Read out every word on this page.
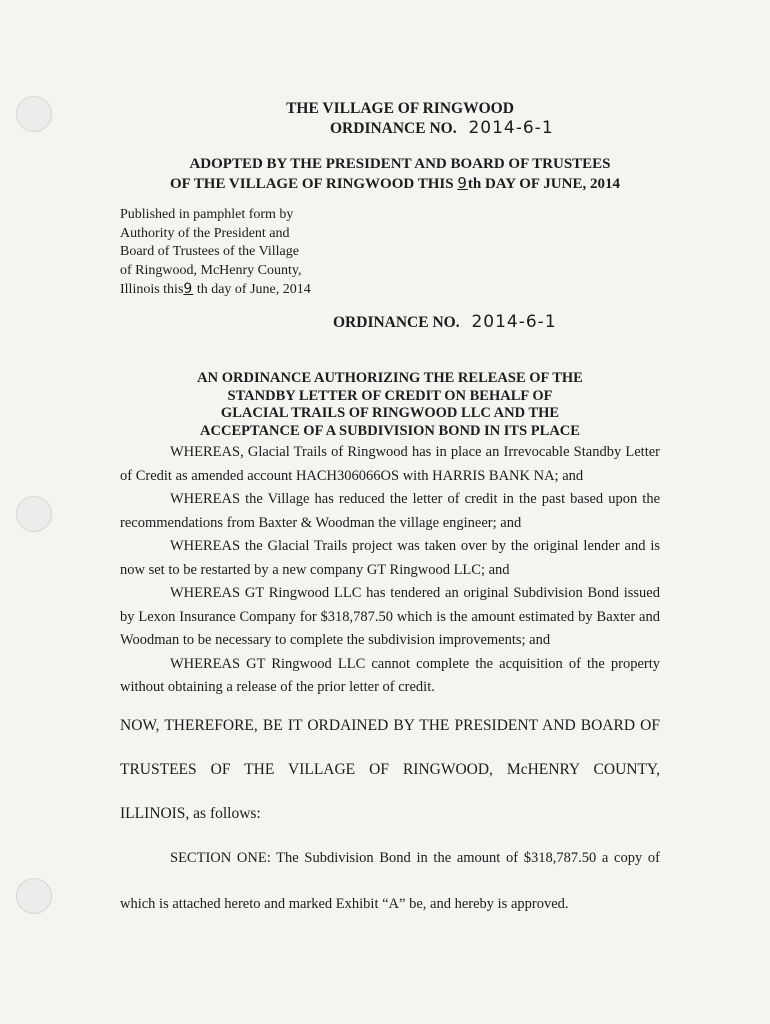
THE VILLAGE OF RINGWOOD
ORDINANCE NO. 2014-6-1
ADOPTED BY THE PRESIDENT AND BOARD OF TRUSTEES
OF THE VILLAGE OF RINGWOOD THIS 9th DAY OF JUNE, 2014
Published in pamphlet form by
Authority of the President and
Board of Trustees of the Village
of Ringwood, McHenry County,
Illinois this9 th day of June, 2014
ORDINANCE NO. 2014-6-1
AN ORDINANCE AUTHORIZING THE RELEASE OF THE
STANDBY LETTER OF CREDIT ON BEHALF OF
GLACIAL TRAILS OF RINGWOOD LLC AND THE
ACCEPTANCE OF A SUBDIVISION BOND IN ITS PLACE
WHEREAS, Glacial Trails of Ringwood has in place an Irrevocable Standby Letter of Credit as amended account HACH306066OS with HARRIS BANK NA; and
WHEREAS the Village has reduced the letter of credit in the past based upon the recommendations from Baxter & Woodman the village engineer; and
WHEREAS the Glacial Trails project was taken over by the original lender and is now set to be restarted by a new company GT Ringwood LLC; and
WHEREAS GT Ringwood LLC has tendered an original Subdivision Bond issued by Lexon Insurance Company for $318,787.50 which is the amount estimated by Baxter and Woodman to be necessary to complete the subdivision improvements; and
WHEREAS GT Ringwood LLC cannot complete the acquisition of the property without obtaining a release of the prior letter of credit.
NOW, THEREFORE, BE IT ORDAINED BY THE PRESIDENT AND BOARD OF TRUSTEES OF THE VILLAGE OF RINGWOOD, McHENRY COUNTY, ILLINOIS, as follows:
SECTION ONE: The Subdivision Bond in the amount of $318,787.50 a copy of which is attached hereto and marked Exhibit “A” be, and hereby is approved.
